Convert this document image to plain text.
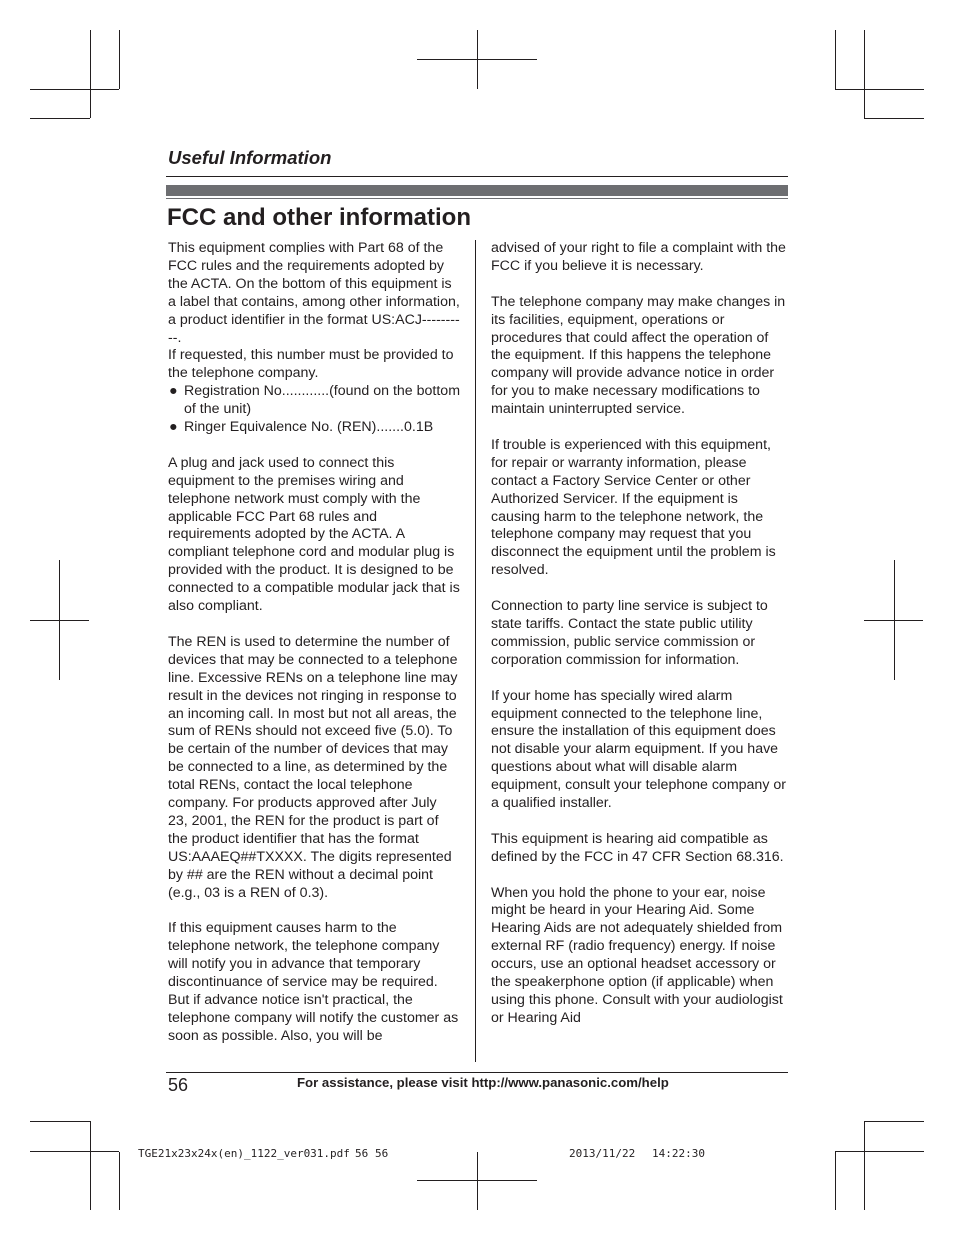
Useful Information
FCC and other information

This equipment complies with Part 68 of the FCC rules and the requirements adopted by the ACTA. On the bottom of this equipment is a label that contains, among other information, a product identifier in the format US:ACJ----------.

If requested, this number must be provided to the telephone company.

● Registration No............(found on the bottom of the unit)
● Ringer Equivalence No. (REN).......0.1B

A plug and jack used to connect this equipment to the premises wiring and telephone network must comply with the applicable FCC Part 68 rules and requirements adopted by the ACTA. A compliant telephone cord and modular plug is provided with the product. It is designed to be connected to a compatible modular jack that is also compliant.

The REN is used to determine the number of devices that may be connected to a telephone line. Excessive RENs on a telephone line may result in the devices not ringing in response to an incoming call. In most but not all areas, the sum of RENs should not exceed five (5.0). To be certain of the number of devices that may be connected to a line, as determined by the total RENs, contact the local telephone company. For products approved after July 23, 2001, the REN for the product is part of the product identifier that has the format US:AAAEQ##TXXXX. The digits represented by ## are the REN without a decimal point (e.g., 03 is a REN of 0.3).

If this equipment causes harm to the telephone network, the telephone company will notify you in advance that temporary discontinuance of service may be required. But if advance notice isn't practical, the telephone company will notify the customer as soon as possible. Also, you will be

advised of your right to file a complaint with the FCC if you believe it is necessary.

The telephone company may make changes in its facilities, equipment, operations or procedures that could affect the operation of the equipment. If this happens the telephone company will provide advance notice in order for you to make necessary modifications to maintain uninterrupted service.

If trouble is experienced with this equipment, for repair or warranty information, please contact a Factory Service Center or other Authorized Servicer. If the equipment is causing harm to the telephone network, the telephone company may request that you disconnect the equipment until the problem is resolved.

Connection to party line service is subject to state tariffs. Contact the state public utility commission, public service commission or corporation commission for information.

If your home has specially wired alarm equipment connected to the telephone line, ensure the installation of this equipment does not disable your alarm equipment. If you have questions about what will disable alarm equipment, consult your telephone company or a qualified installer.

This equipment is hearing aid compatible as defined by the FCC in 47 CFR Section 68.316.

When you hold the phone to your ear, noise might be heard in your Hearing Aid. Some Hearing Aids are not adequately shielded from external RF (radio frequency) energy. If noise occurs, use an optional headset accessory or the speakerphone option (if applicable) when using this phone. Consult with your audiologist or Hearing Aid

56	For assistance, please visit http://www.panasonic.com/help
TGE21x23x24x(en)_1122_ver031.pdf 56 56	2013/11/22 14:22:30
